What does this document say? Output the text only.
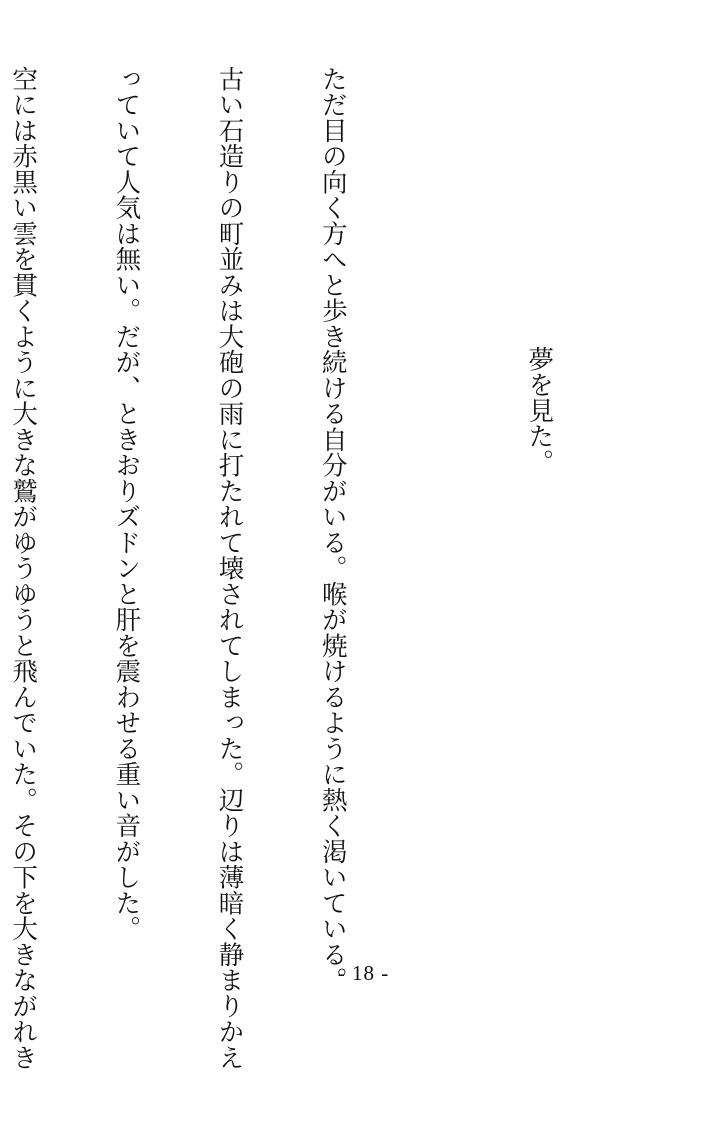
夢を見た。

ただ目の向く方へと歩き続ける自分がいる。喉が焼けるように熱く渇いている。

古い石造りの町並みは大砲の雨に打たれて壊されてしまった。辺りは薄暗く静まりかえ

っていて人気は無い。だが、ときおりズドンと肝を震わせる重い音がした。

空には赤黒い雲を貫くように大きな鷲がゆうゆうと飛んでいた。その下を大きながれき

	- 18 -
